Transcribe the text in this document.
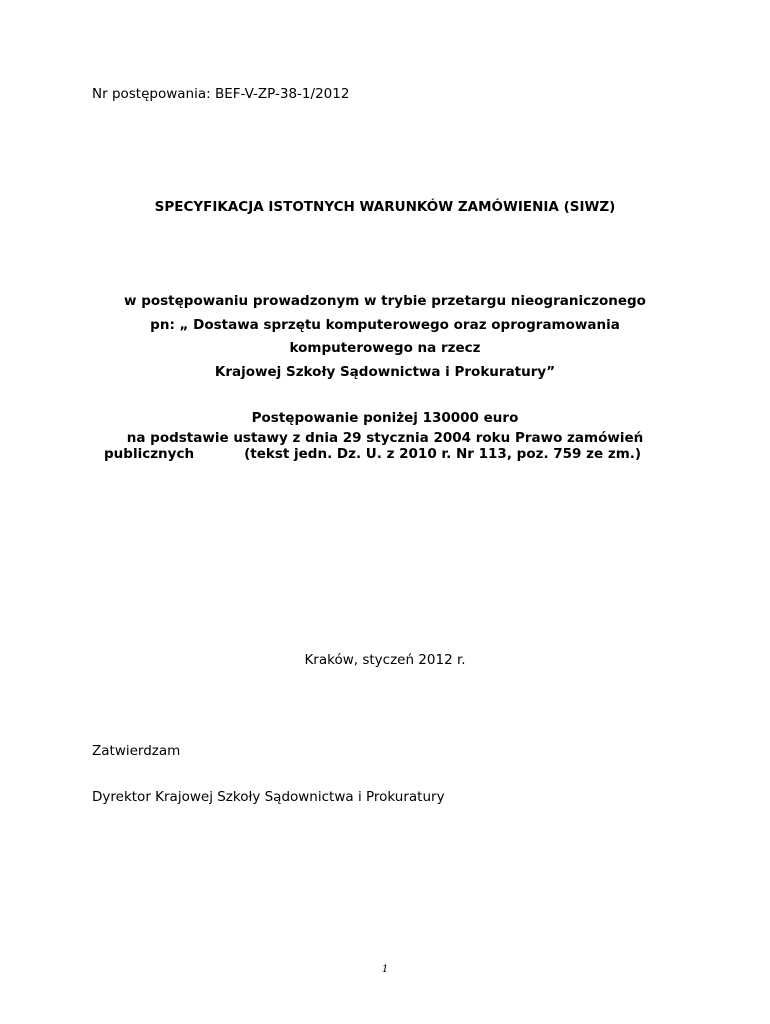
Nr postępowania: BEF-V-ZP-38-1/2012
SPECYFIKACJA ISTOTNYCH WARUNKÓW ZAMÓWIENIA (SIWZ)
w postępowaniu prowadzonym w trybie przetargu nieograniczonego
pn: „ Dostawa sprzętu komputerowego oraz oprogramowania
komputerowego na rzecz
Krajowej Szkoły Sądownictwa i Prokuratury”
Postępowanie poniżej 130000 euro
na podstawie ustawy z dnia 29 stycznia 2004 roku Prawo zamówień
publicznych	(tekst jedn. Dz. U. z 2010 r. Nr 113, poz. 759 ze zm.)
Kraków, styczeń 2012 r.
Zatwierdzam
Dyrektor Krajowej Szkoły Sądownictwa i Prokuratury
1
